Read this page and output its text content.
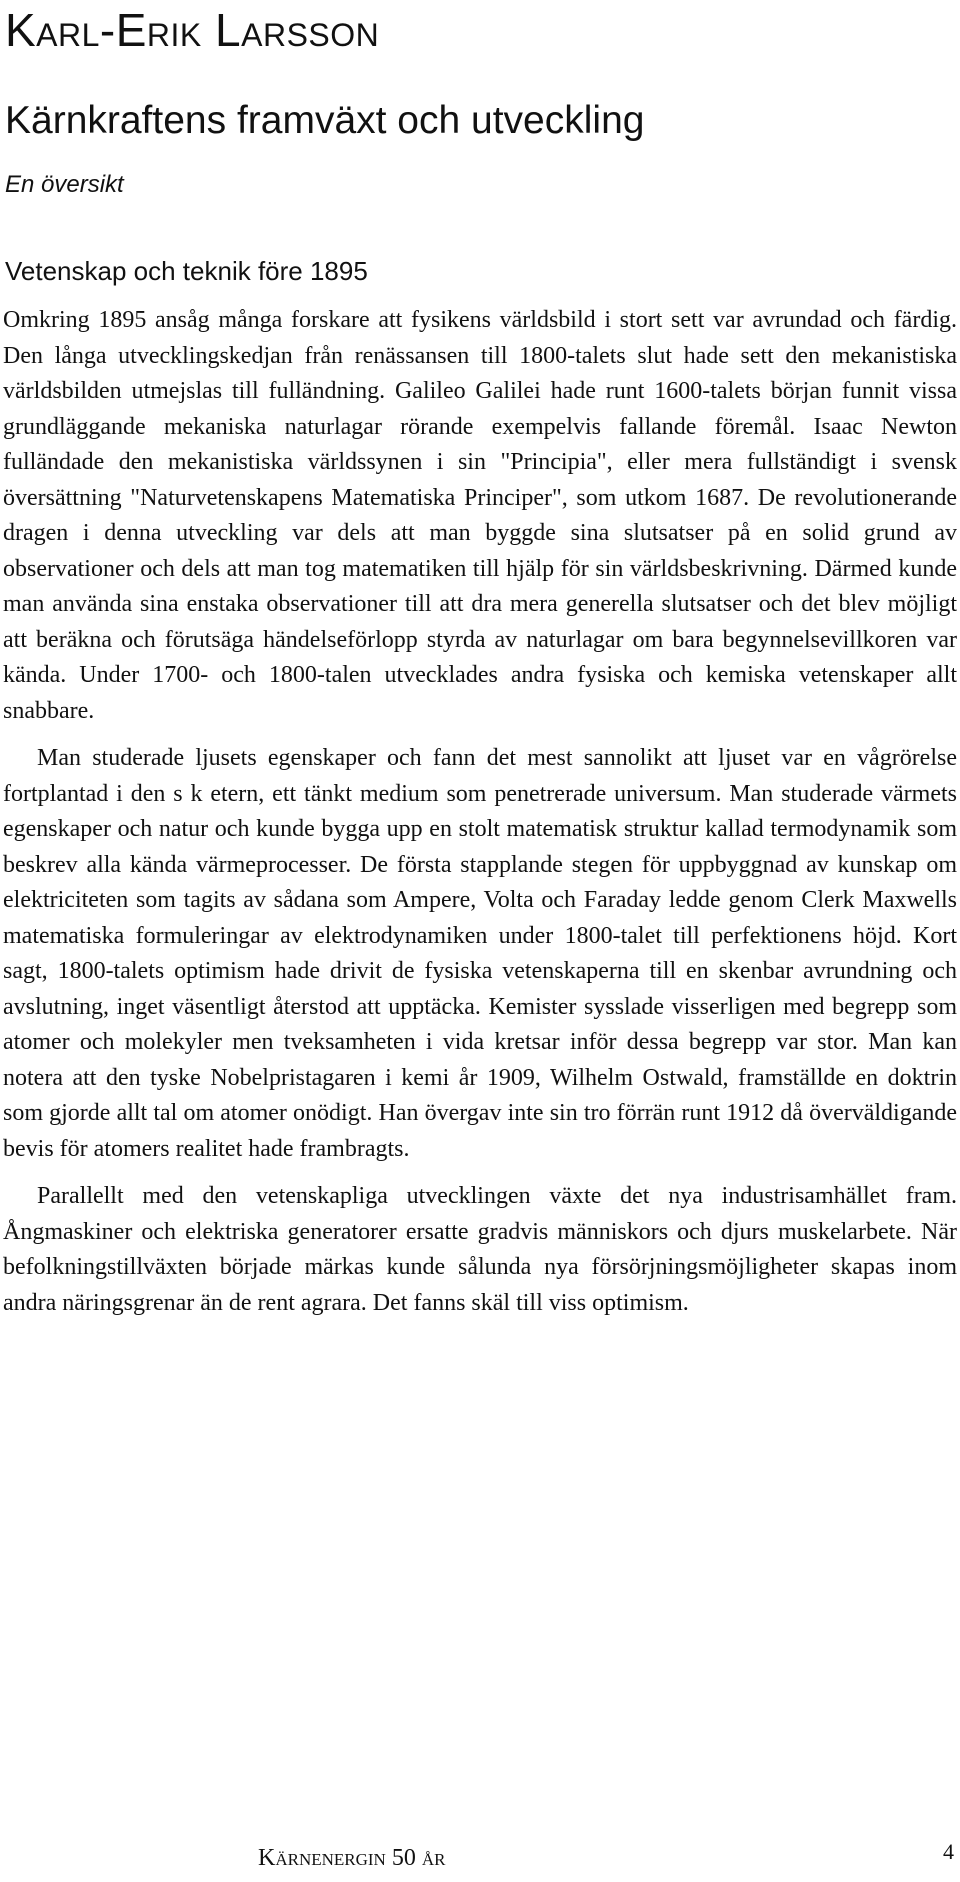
Karl-Erik Larsson
Kärnkraftens framväxt och utveckling
En översikt
Vetenskap och teknik före 1895

Omkring 1895 ansåg många forskare att fysikens världsbild i stort sett var avrundad och färdig. Den långa utvecklingskedjan från renässansen till 1800-talets slut hade sett den mekanistiska världsbilden utmejslas till fulländning. Galileo Galilei hade runt 1600-talets början funnit vissa grundläggande mekaniska naturlagar rörande exempelvis fallande föremål. Isaac Newton fulländade den mekanistiska världssynen i sin "Principia", eller mera fullständigt i svensk översättning "Naturvetenskapens Matematiska Principer", som utkom 1687. De revolutionerande dragen i denna utveckling var dels att man byggde sina slutsatser på en solid grund av observationer och dels att man tog matematiken till hjälp för sin världsbeskrivning. Därmed kunde man använda sina enstaka observationer till att dra mera generella slutsatser och det blev möjligt att beräkna och förutsäga händelseförlopp styrda av naturlagar om bara begynnelsevillkoren var kända. Under 1700- och 1800-talen utvecklades andra fysiska och kemiska vetenskaper allt snabbare.

Man studerade ljusets egenskaper och fann det mest sannolikt att ljuset var en vågrörelse fortplantad i den s k etern, ett tänkt medium som penetrerade universum. Man studerade värmets egenskaper och natur och kunde bygga upp en stolt matematisk struktur kallad termodynamik som beskrev alla kända värmeprocesser. De första stapplande stegen för uppbyggnad av kunskap om elektriciteten som tagits av sådana som Ampere, Volta och Faraday ledde genom Clerk Maxwells matematiska formuleringar av elektrodynamiken under 1800-talet till perfektionens höjd. Kort sagt, 1800-talets optimism hade drivit de fysiska vetenskaperna till en skenbar avrundning och avslutning, inget väsentligt återstod att upptäcka. Kemister sysslade visserligen med begrepp som atomer och molekyler men tveksamheten i vida kretsar inför dessa begrepp var stor. Man kan notera att den tyske Nobelpristagaren i kemi år 1909, Wilhelm Ostwald, framställde en doktrin som gjorde allt tal om atomer onödigt. Han övergav inte sin tro förrän runt 1912 då överväldigande bevis för atomers realitet hade frambragts.

Parallellt med den vetenskapliga utvecklingen växte det nya industrisamhället fram. Ångmaskiner och elektriska generatorer ersatte gradvis människors och djurs muskelarbete. När befolkningstillväxten började märkas kunde sålunda nya försörjningsmöjligheter skapas inom andra näringsgrenar än de rent agrara. Det fanns skäl till viss optimism.

Kärnenergin 50 år	4
